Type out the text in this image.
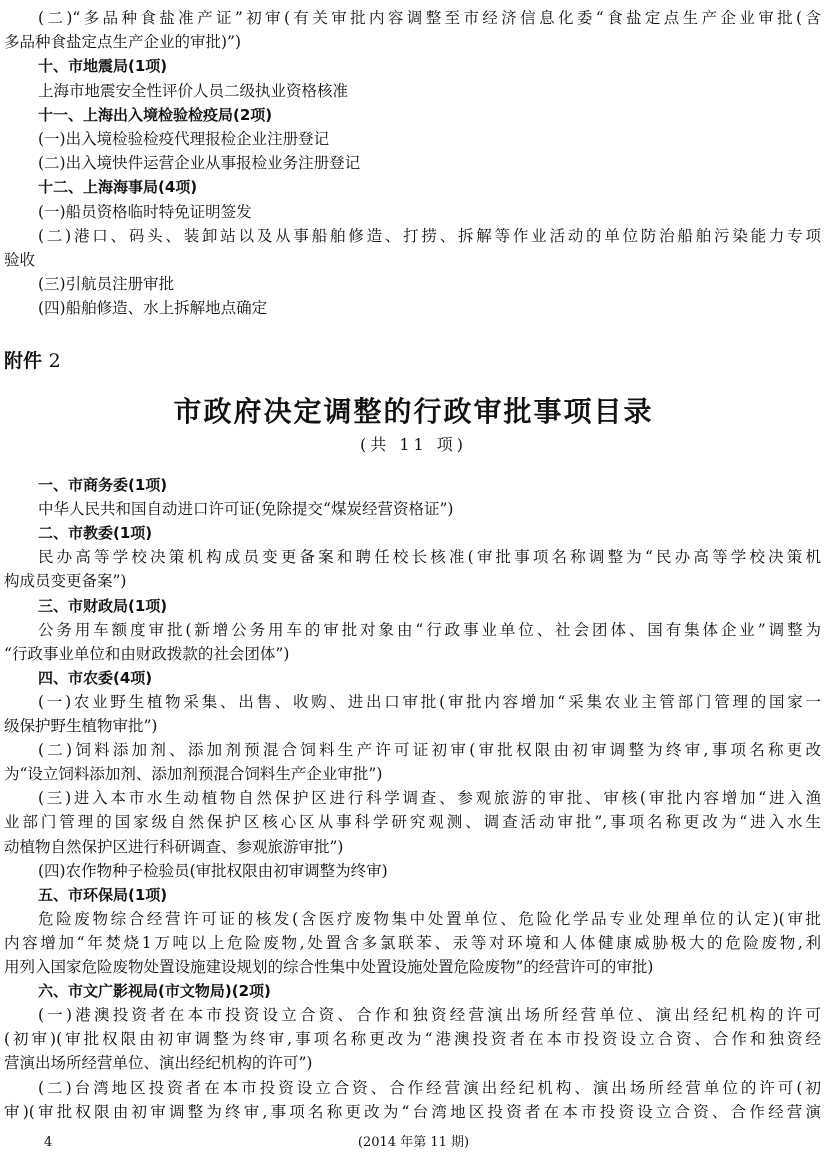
(二)“多品种食盐准产证”初审(有关审批内容调整至市经济信息化委“食盐定点生产企业审批(含
多品种食盐定点生产企业的审批)”)
十、市地震局(1项)
上海市地震安全性评价人员二级执业资格核准
十一、上海出入境检验检疫局(2项)
(一)出入境检验检疫代理报检企业注册登记
(二)出入境快件运营企业从事报检业务注册登记
十二、上海海事局(4项)
(一)船员资格临时特免证明签发
(二)港口、码头、装卸站以及从事船舶修造、打捞、拆解等作业活动的单位防治船舶污染能力专项
验收
(三)引航员注册审批
(四)船舶修造、水上拆解地点确定
附件 2
市政府决定调整的行政审批事项目录
(共 11 项)
一、市商务委(1项)
中华人民共和国自动进口许可证(免除提交“煤炭经营资格证”)
二、市教委(1项)
民办高等学校决策机构成员变更备案和聘任校长核准(审批事项名称调整为“民办高等学校决策机
构成员变更备案”)
三、市财政局(1项)
公务用车额度审批(新增公务用车的审批对象由“行政事业单位、社会团体、国有集体企业”调整为
“行政事业单位和由财政拨款的社会团体”)
四、市农委(4项)
(一)农业野生植物采集、出售、收购、进出口审批(审批内容增加“采集农业主管部门管理的国家一
级保护野生植物审批”)
(二)饲料添加剂、添加剂预混合饲料生产许可证初审(审批权限由初审调整为终审,事项名称更改
为“设立饲料添加剂、添加剂预混合饲料生产企业审批”)
(三)进入本市水生动植物自然保护区进行科学调查、参观旅游的审批、审核(审批内容增加“进入渔
业部门管理的国家级自然保护区核心区从事科学研究观测、调查活动审批”,事项名称更改为“进入水生
动植物自然保护区进行科研调查、参观旅游审批”)
(四)农作物种子检验员(审批权限由初审调整为终审)
五、市环保局(1项)
危险废物综合经营许可证的核发(含医疗废物集中处置单位、危险化学品专业处理单位的认定)(审批
内容增加“年焚烧1万吨以上危险废物,处置含多氯联苯、汞等对环境和人体健康威胁极大的危险废物,利
用列入国家危险废物处置设施建设规划的综合性集中处置设施处置危险废物”的经营许可的审批)
六、市文广影视局(市文物局)(2项)
(一)港澳投资者在本市投资设立合资、合作和独资经营演出场所经营单位、演出经纪机构的许可
(初审)(审批权限由初审调整为终审,事项名称更改为“港澳投资者在本市投资设立合资、合作和独资经
营演出场所经营单位、演出经纪机构的许可”)
(二)台湾地区投资者在本市投资设立合资、合作经营演出经纪机构、演出场所经营单位的许可(初
审)(审批权限由初审调整为终审,事项名称更改为“台湾地区投资者在本市投资设立合资、合作经营演
4	(2014 年第 11 期)
